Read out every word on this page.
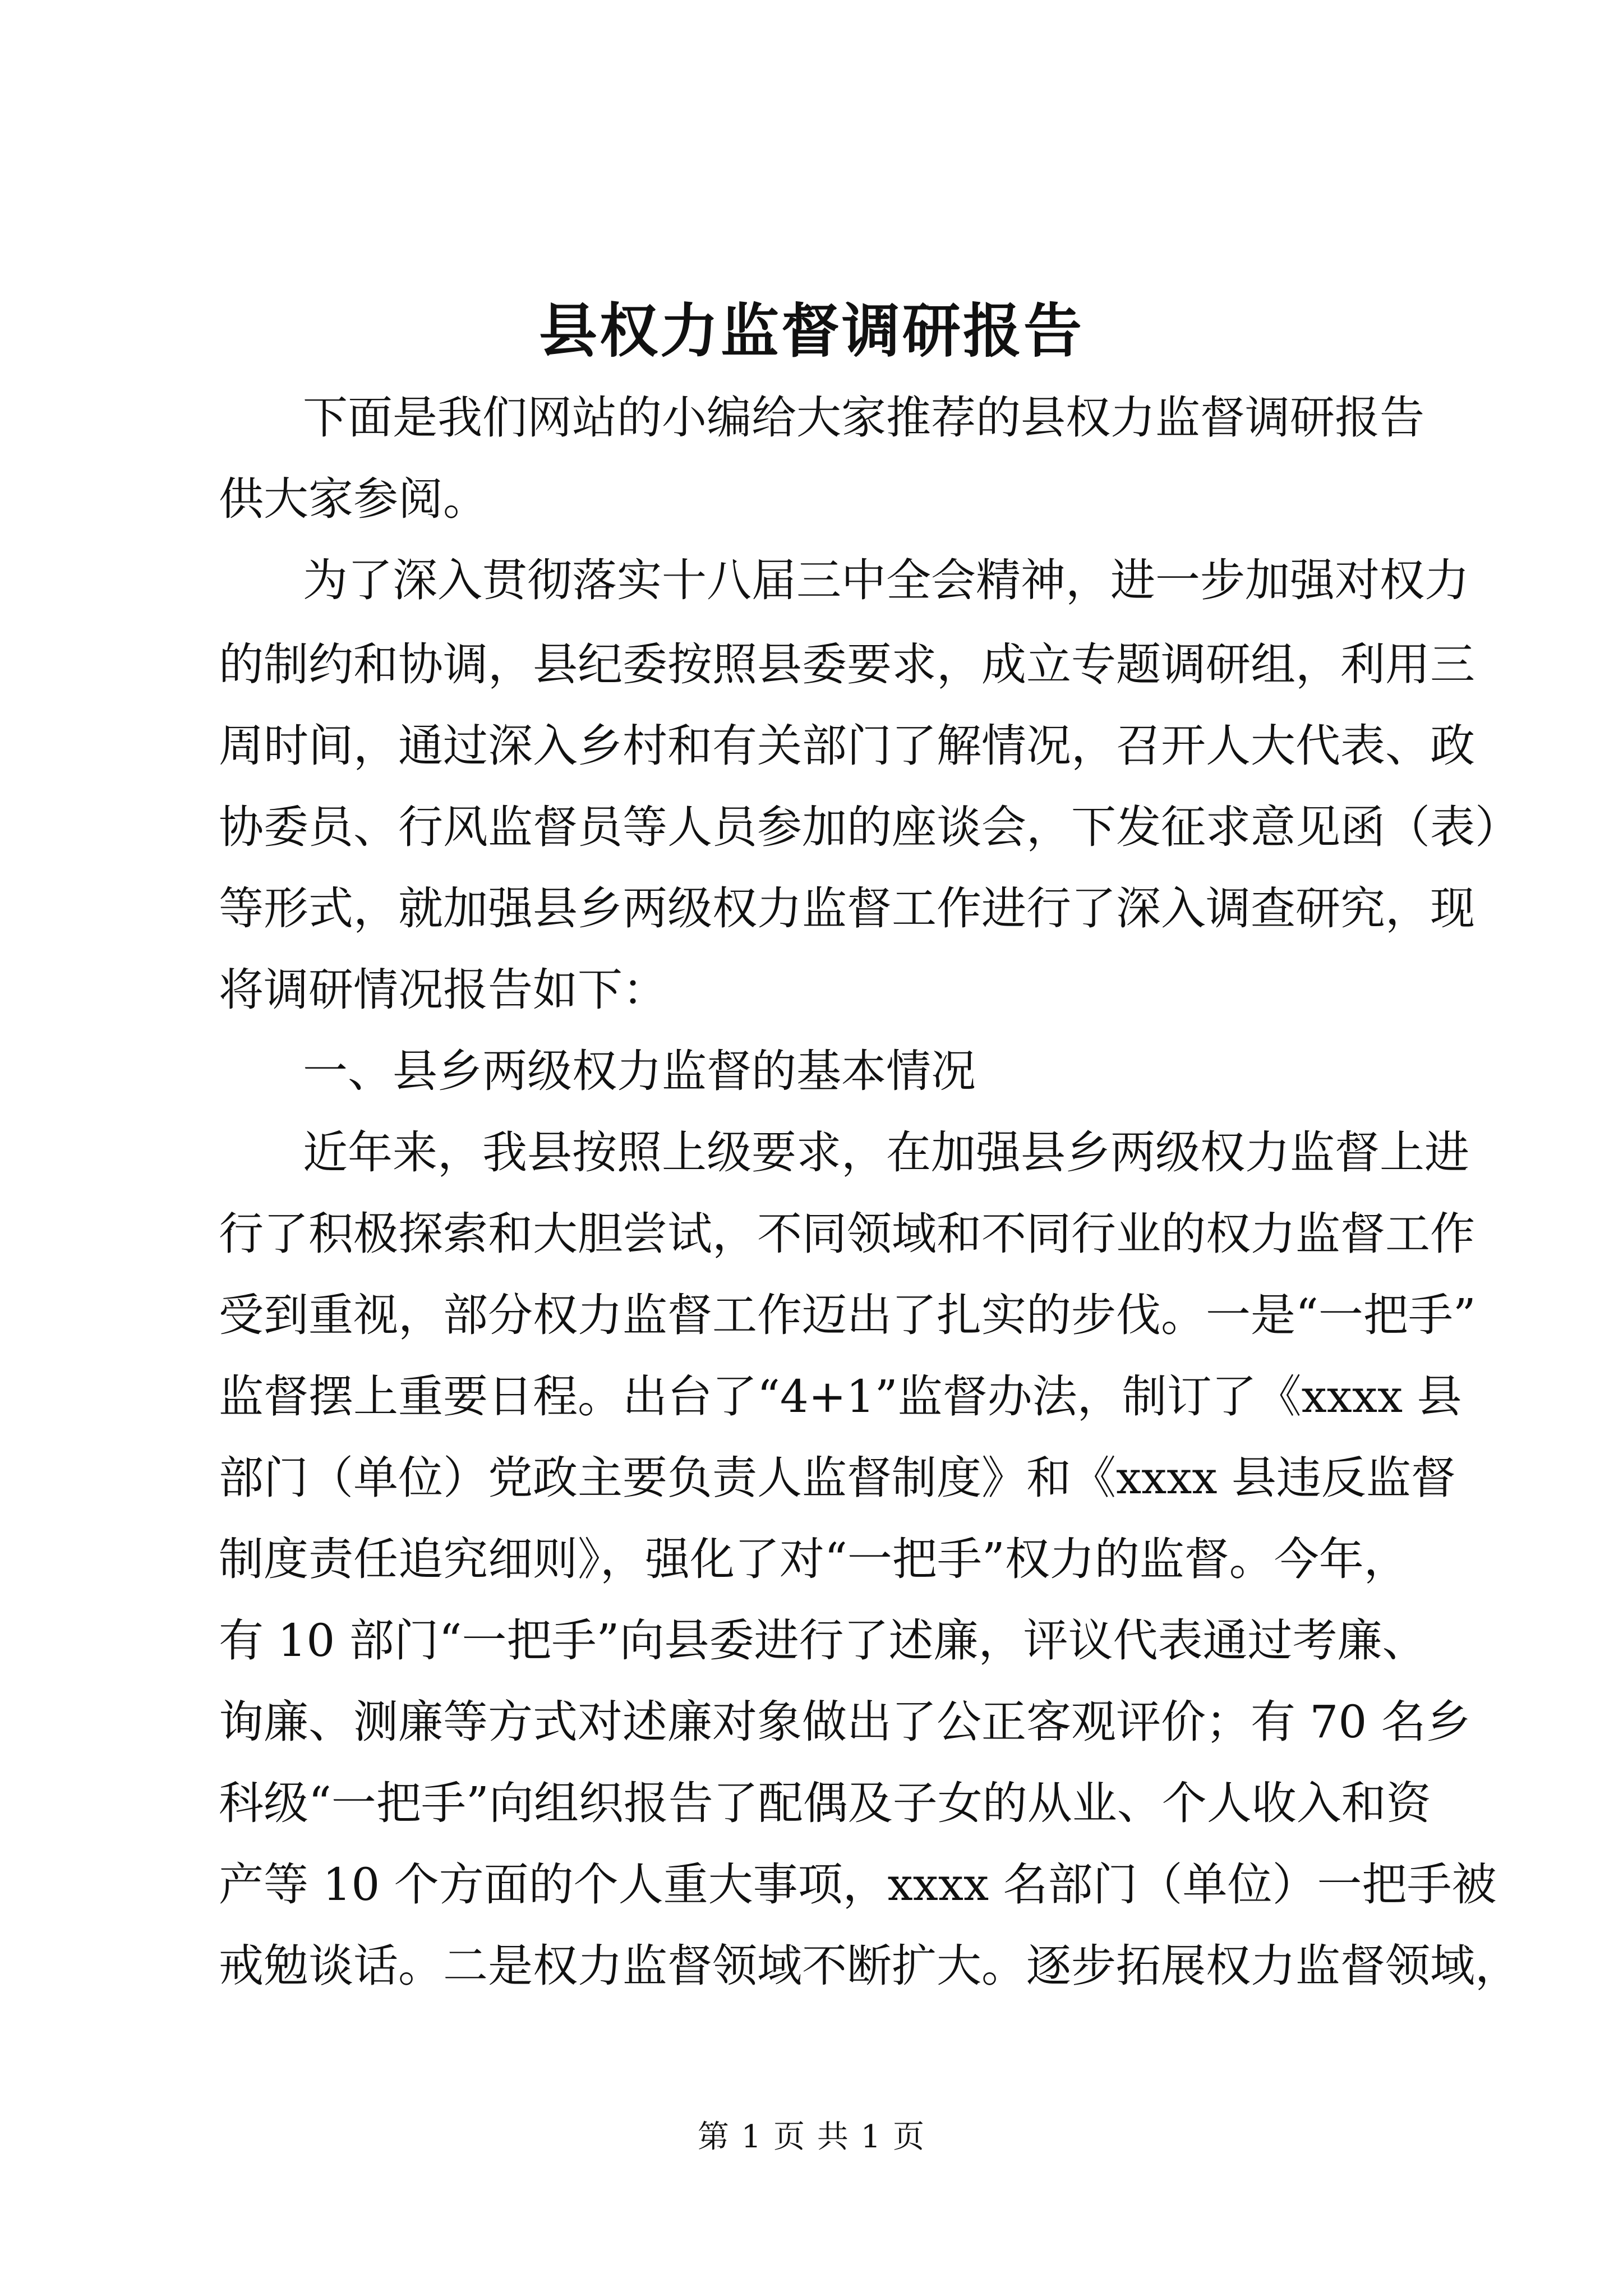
县权力监督调研报告
下面是我们网站的小编给大家推荐的县权力监督调研报告
供大家参阅。
为了深入贯彻落实十八届三中全会精神，进一步加强对权力
的制约和协调，县纪委按照县委要求，成立专题调研组，利用三
周时间，通过深入乡村和有关部门了解情况，召开人大代表、政
协委员、行风监督员等人员参加的座谈会，下发征求意见函（表）
等形式，就加强县乡两级权力监督工作进行了深入调查研究，现
将调研情况报告如下：
一、县乡两级权力监督的基本情况
近年来，我县按照上级要求，在加强县乡两级权力监督上进
行了积极探索和大胆尝试，不同领域和不同行业的权力监督工作
受到重视，部分权力监督工作迈出了扎实的步伐。一是“一把手”
监督摆上重要日程。出台了“4+1”监督办法，制订了《xxxx 县
部门（单位）党政主要负责人监督制度》和《xxxx 县违反监督
制度责任追究细则》，强化了对“一把手”权力的监督。今年，
有 10 部门“一把手”向县委进行了述廉，评议代表通过考廉、
询廉、测廉等方式对述廉对象做出了公正客观评价；有 70 名乡
科级“一把手”向组织报告了配偶及子女的从业、个人收入和资
产等 10 个方面的个人重大事项，xxxx 名部门（单位）一把手被
戒勉谈话。二是权力监督领域不断扩大。逐步拓展权力监督领域，
第 1 页 共 1 页
